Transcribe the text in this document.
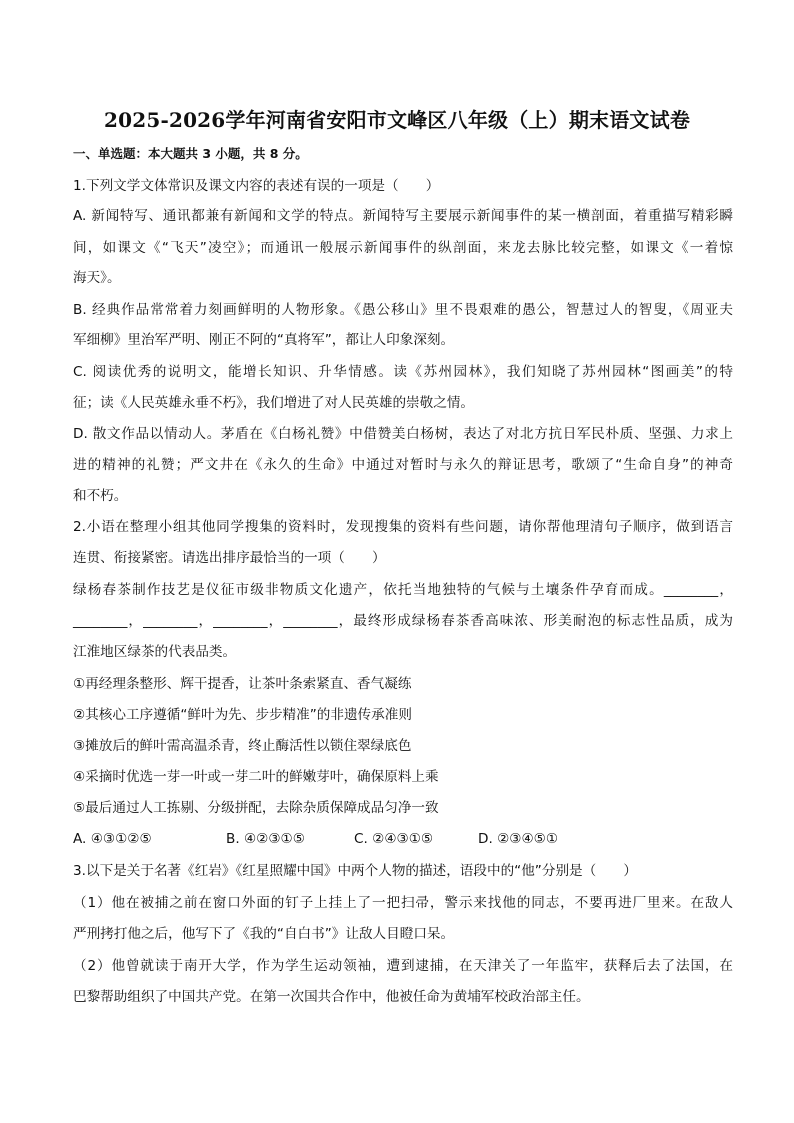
2025-2026学年河南省安阳市文峰区八年级（上）期末语文试卷
一、单选题：本大题共 3 小题，共 8 分。
1.下列文学文体常识及课文内容的表述有误的一项是（　　）
A. 新闻特写、通讯都兼有新闻和文学的特点。新闻特写主要展示新闻事件的某一横剖面，着重描写精彩瞬
间，如课文《“飞天”凌空》；而通讯一般展示新闻事件的纵剖面，来龙去脉比较完整，如课文《一着惊
海天》。
B. 经典作品常常着力刻画鲜明的人物形象。《愚公移山》里不畏艰难的愚公，智慧过人的智叟，《周亚夫
军细柳》里治军严明、刚正不阿的“真将军”，都让人印象深刻。
C. 阅读优秀的说明文，能增长知识、升华情感。读《苏州园林》，我们知晓了苏州园林“图画美”的特
征；读《人民英雄永垂不朽》，我们增进了对人民英雄的崇敬之情。
D. 散文作品以情动人。茅盾在《白杨礼赞》中借赞美白杨树，表达了对北方抗日军民朴质、坚强、力求上
进的精神的礼赞；严文井在《永久的生命》中通过对暂时与永久的辩证思考，歌颂了“生命自身”的神奇
和不朽。
2.小语在整理小组其他同学搜集的资料时，发现搜集的资料有些问题，请你帮他理清句子顺序，做到语言
连贯、衔接紧密。请选出排序最恰当的一项（　　）
绿杨春茶制作技艺是仪征市级非物质文化遗产，依托当地独特的气候与土壤条件孕育而成。________，
________，________，________，________，最终形成绿杨春茶香高味浓、形美耐泡的标志性品质，成为
江淮地区绿茶的代表品类。
①再经理条整形、辉干提香，让茶叶条索紧直、香气凝练
②其核心工序遵循“鲜叶为先、步步精准”的非遗传承准则
③摊放后的鲜叶需高温杀青，终止酶活性以锁住翠绿底色
④采摘时优选一芽一叶或一芽二叶的鲜嫩芽叶，确保原料上乘
⑤最后通过人工拣剔、分级拼配，去除杂质保障成品匀净一致
A. ④③①②⑤	B. ④②③①⑤	C. ②④③①⑤	D. ②③④⑤①
3.以下是关于名著《红岩》《红星照耀中国》中两个人物的描述，语段中的“他”分别是（　　）
（1）他在被捕之前在窗口外面的钉子上挂上了一把扫帚，警示来找他的同志，不要再进厂里来。在敌人
严刑拷打他之后，他写下了《我的“自白书”》让敌人目瞪口呆。
（2）他曾就读于南开大学，作为学生运动领袖，遭到逮捕，在天津关了一年监牢，获释后去了法国，在
巴黎帮助组织了中国共产党。在第一次国共合作中，他被任命为黄埔军校政治部主任。
